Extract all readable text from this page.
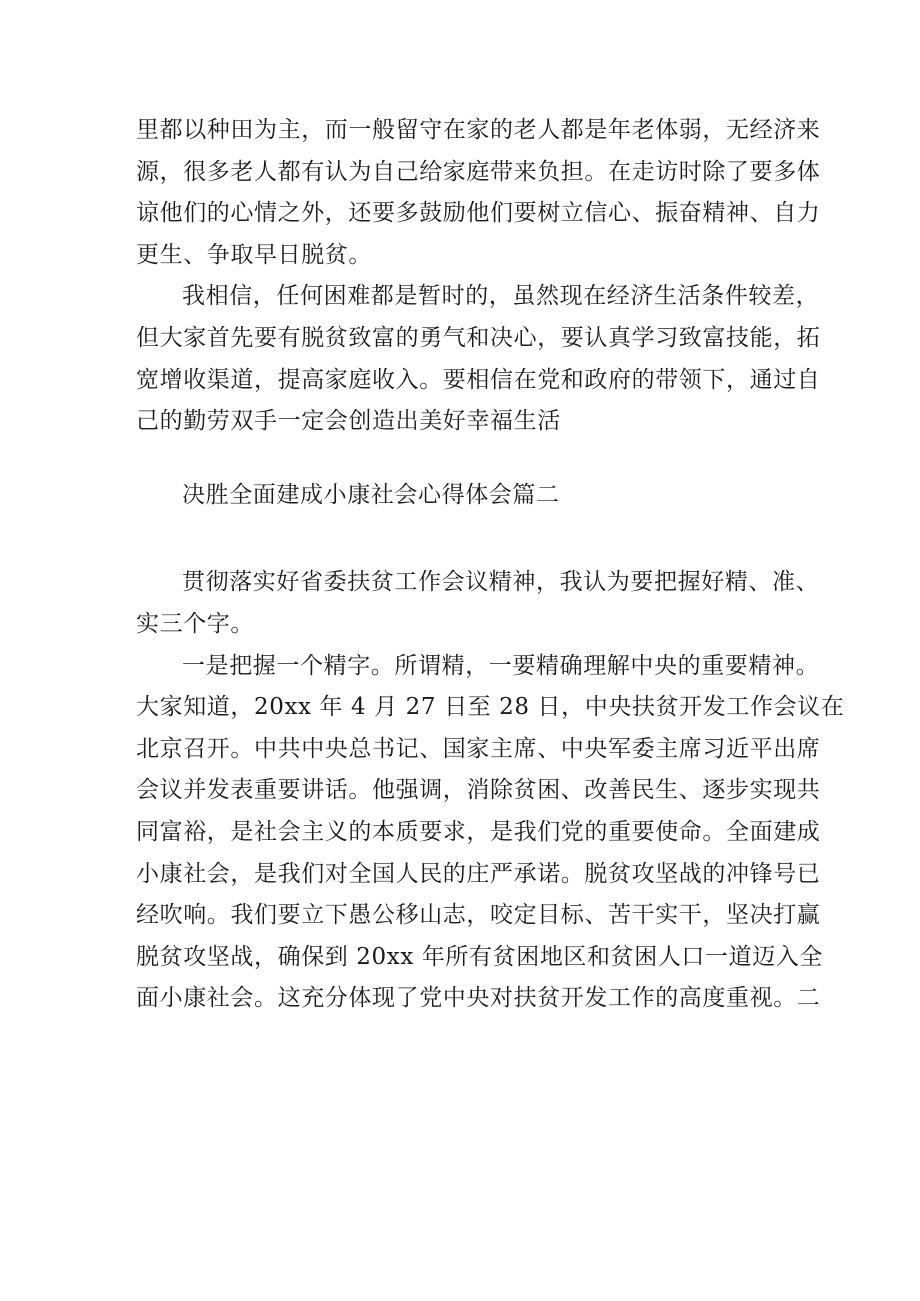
里都以种田为主，而一般留守在家的老人都是年老体弱，无经济来
源，很多老人都有认为自己给家庭带来负担。在走访时除了要多体
谅他们的心情之外，还要多鼓励他们要树立信心、振奋精神、自力
更生、争取早日脱贫。
我相信，任何困难都是暂时的，虽然现在经济生活条件较差，
但大家首先要有脱贫致富的勇气和决心，要认真学习致富技能，拓
宽增收渠道，提高家庭收入。要相信在党和政府的带领下，通过自
己的勤劳双手一定会创造出美好幸福生活
决胜全面建成小康社会心得体会篇二
贯彻落实好省委扶贫工作会议精神，我认为要把握好精、准、
实三个字。
一是把握一个精字。所谓精，一要精确理解中央的重要精神。
大家知道，20xx 年 4 月 27 日至 28 日，中央扶贫开发工作会议在
北京召开。中共中央总书记、国家主席、中央军委主席习近平出席
会议并发表重要讲话。他强调，消除贫困、改善民生、逐步实现共
同富裕，是社会主义的本质要求，是我们党的重要使命。全面建成
小康社会，是我们对全国人民的庄严承诺。脱贫攻坚战的冲锋号已
经吹响。我们要立下愚公移山志，咬定目标、苦干实干，坚决打赢
脱贫攻坚战，确保到 20xx 年所有贫困地区和贫困人口一道迈入全
面小康社会。这充分体现了党中央对扶贫开发工作的高度重视。二
